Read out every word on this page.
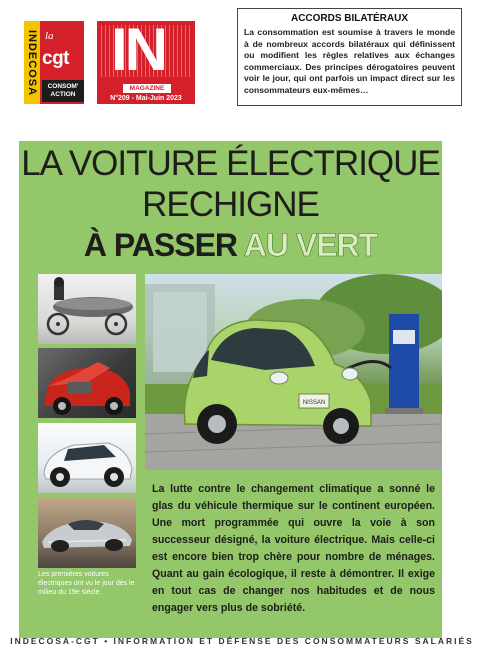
INDECOSA la
cgt
CONSOM' ACTION
IN
MAGAZINE
N°209 - Mai-Juin 2023
ACCORDS BILATÉRAUX

La consommation est soumise à travers le monde à de nombreux accords bilatéraux qui définissent ou modifient les règles relatives aux échanges commerciaux. Des principes dérogatoires peuvent voir le jour, qui ont parfois un impact direct sur les consommateurs eux-mêmes…

LA VOITURE ÉLECTRIQUE
RECHIGNE
À PASSER AU VERT
NISSAN
Les premières voitures électriques ont vu le jour dès le milieu du 19e siècle.

La lutte contre le changement climatique a sonné le glas du véhicule thermique sur le continent européen. Une mort programmée qui ouvre la voie à son successeur désigné, la voiture électrique. Mais celle-ci est encore bien trop chère pour nombre de ménages. Quant au gain écologique, il reste à démontrer. Il exige en tout cas de changer nos habitudes et de nous engager vers plus de sobriété.

INDECOSA-CGT • INFORMATION ET DÉFENSE DES CONSOMMATEURS SALARIÉS
